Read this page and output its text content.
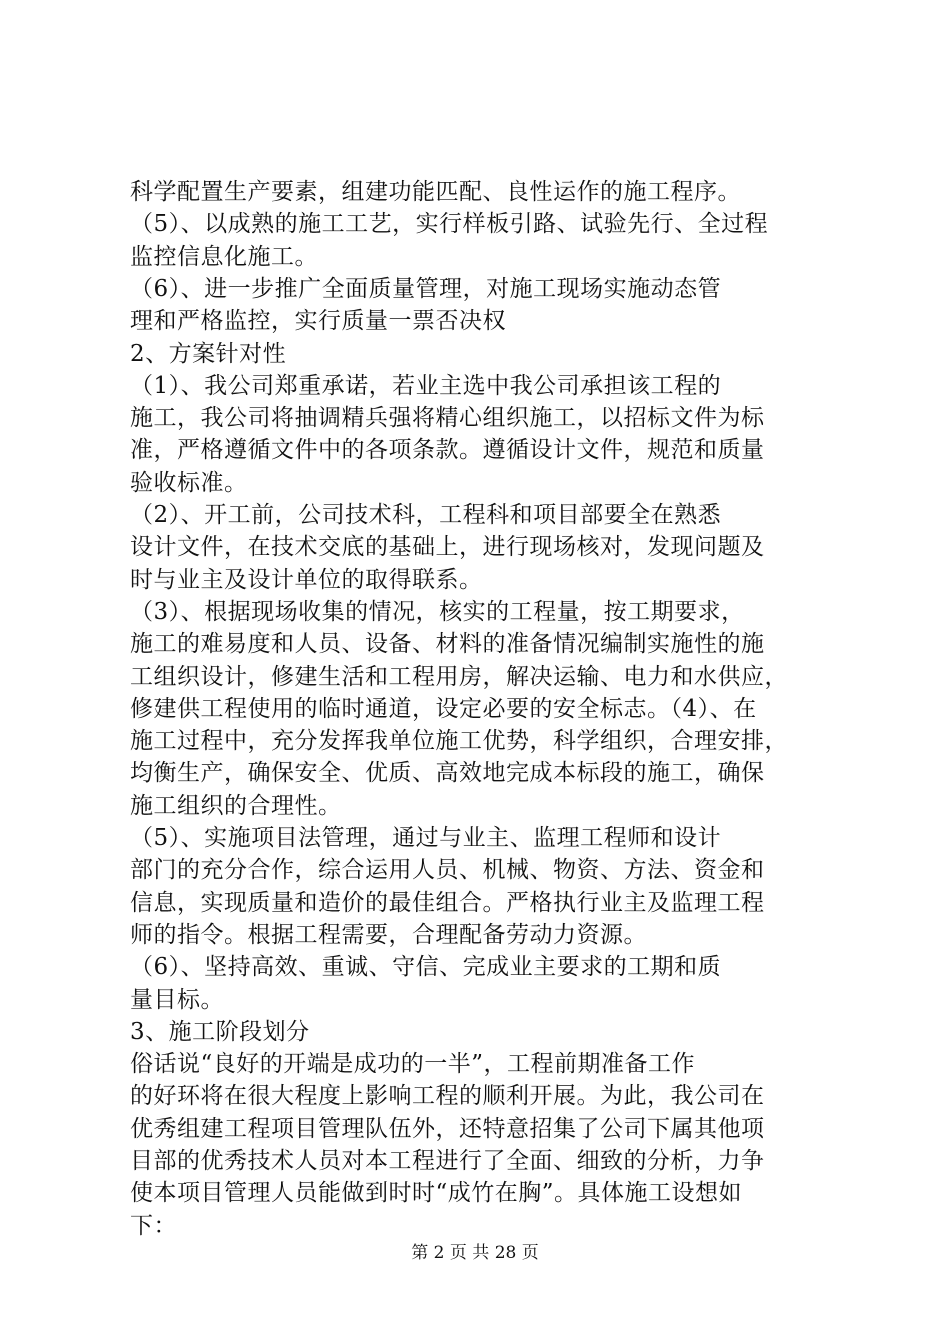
科学配置生产要素，组建功能匹配、良性运作的施工程序。
（5）、以成熟的施工工艺，实行样板引路、试验先行、全过程
监控信息化施工。
（6）、进一步推广全面质量管理，对施工现场实施动态管
理和严格监控，实行质量一票否决权
2、方案针对性
（1）、我公司郑重承诺，若业主选中我公司承担该工程的
施工，我公司将抽调精兵强将精心组织施工，以招标文件为标
准，严格遵循文件中的各项条款。遵循设计文件，规范和质量
验收标准。
（2）、开工前，公司技术科，工程科和项目部要全在熟悉
设计文件，在技术交底的基础上，进行现场核对，发现问题及
时与业主及设计单位的取得联系。
（3）、根据现场收集的情况，核实的工程量，按工期要求，
施工的难易度和人员、设备、材料的准备情况编制实施性的施
工组织设计，修建生活和工程用房，解决运输、电力和水供应，
修建供工程使用的临时通道，设定必要的安全标志。（4）、在
施工过程中，充分发挥我单位施工优势，科学组织，合理安排，
均衡生产，确保安全、优质、高效地完成本标段的施工，确保
施工组织的合理性。
（5）、实施项目法管理，通过与业主、监理工程师和设计
部门的充分合作，综合运用人员、机械、物资、方法、资金和
信息，实现质量和造价的最佳组合。严格执行业主及监理工程
师的指令。根据工程需要，合理配备劳动力资源。
（6）、坚持高效、重诚、守信、完成业主要求的工期和质
量目标。
3、施工阶段划分
俗话说“良好的开端是成功的一半”，工程前期准备工作
的好环将在很大程度上影响工程的顺利开展。为此，我公司在
优秀组建工程项目管理队伍外，还特意招集了公司下属其他项
目部的优秀技术人员对本工程进行了全面、细致的分析，力争
使本项目管理人员能做到时时“成竹在胸”。具体施工设想如
下：
第 2 页 共 28 页
